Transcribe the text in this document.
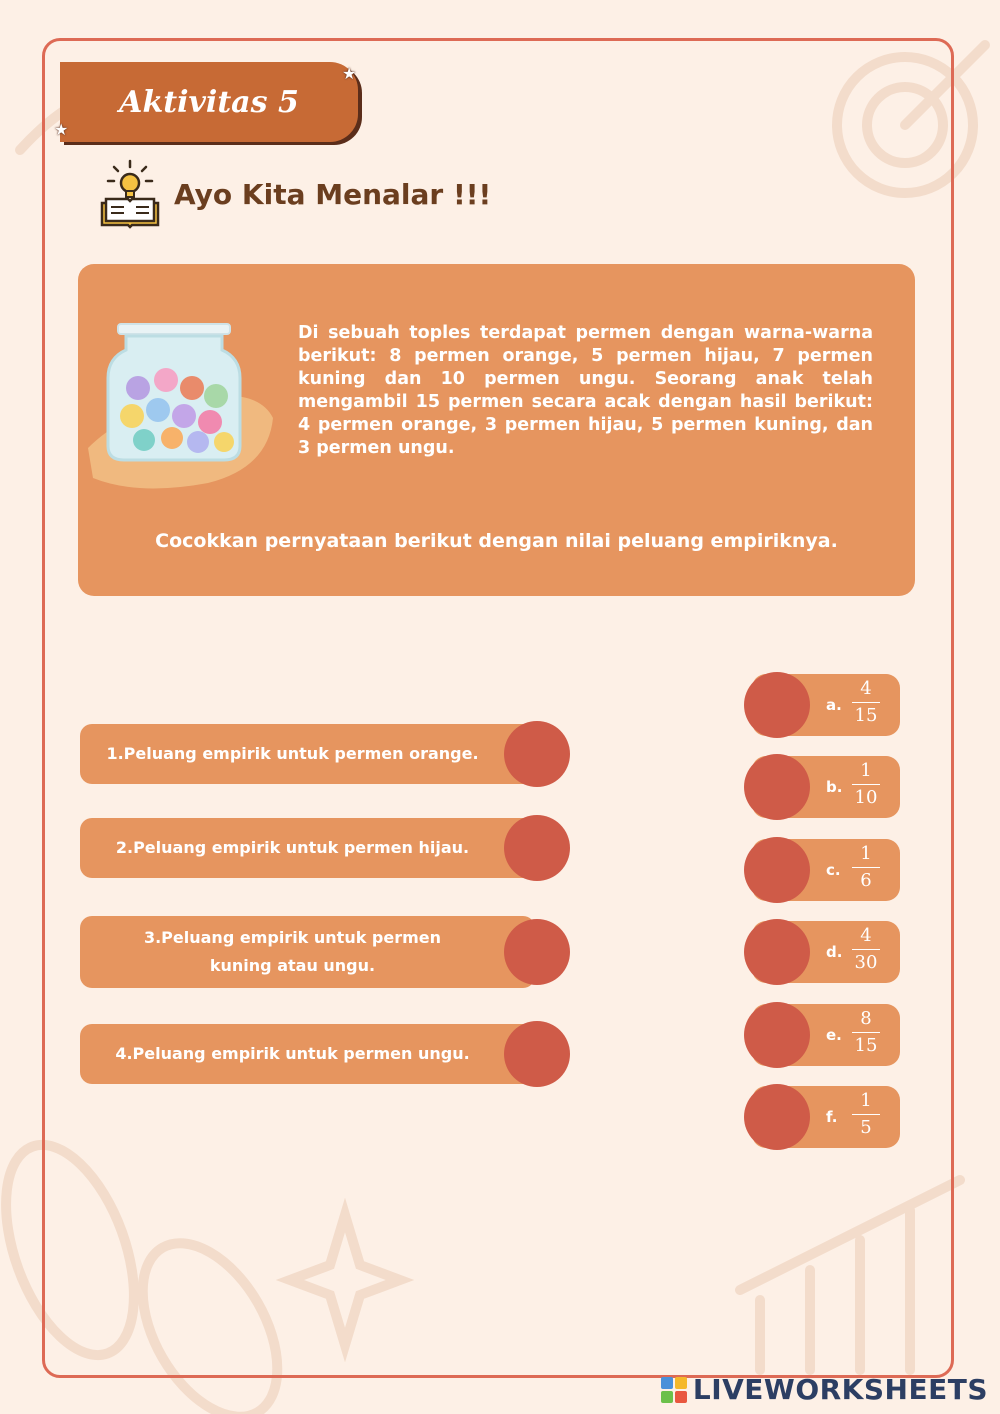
Aktivitas 5
★
★
Ayo Kita Menalar !!!
Di sebuah toples terdapat permen dengan warna-warna berikut: 8 permen orange, 5 permen hijau, 7 permen kuning dan 10 permen ungu. Seorang anak telah mengambil 15 permen secara acak dengan hasil berikut: 4 permen orange, 3 permen hijau, 5 permen kuning, dan 3 permen ungu.
Cocokkan pernyataan berikut dengan nilai peluang empiriknya.
1.Peluang empirik untuk permen orange.
2.Peluang empirik untuk permen hijau.
3.Peluang empirik untuk permen kuning atau ungu.
4.Peluang empirik untuk permen ungu.
a. $\frac{4}{15}$
b. $\frac{1}{10}$
c. $\frac{1}{6}$
d. $\frac{4}{30}$
e. $\frac{8}{15}$
f. $\frac{1}{5}$
LIVEWORKSHEETS
